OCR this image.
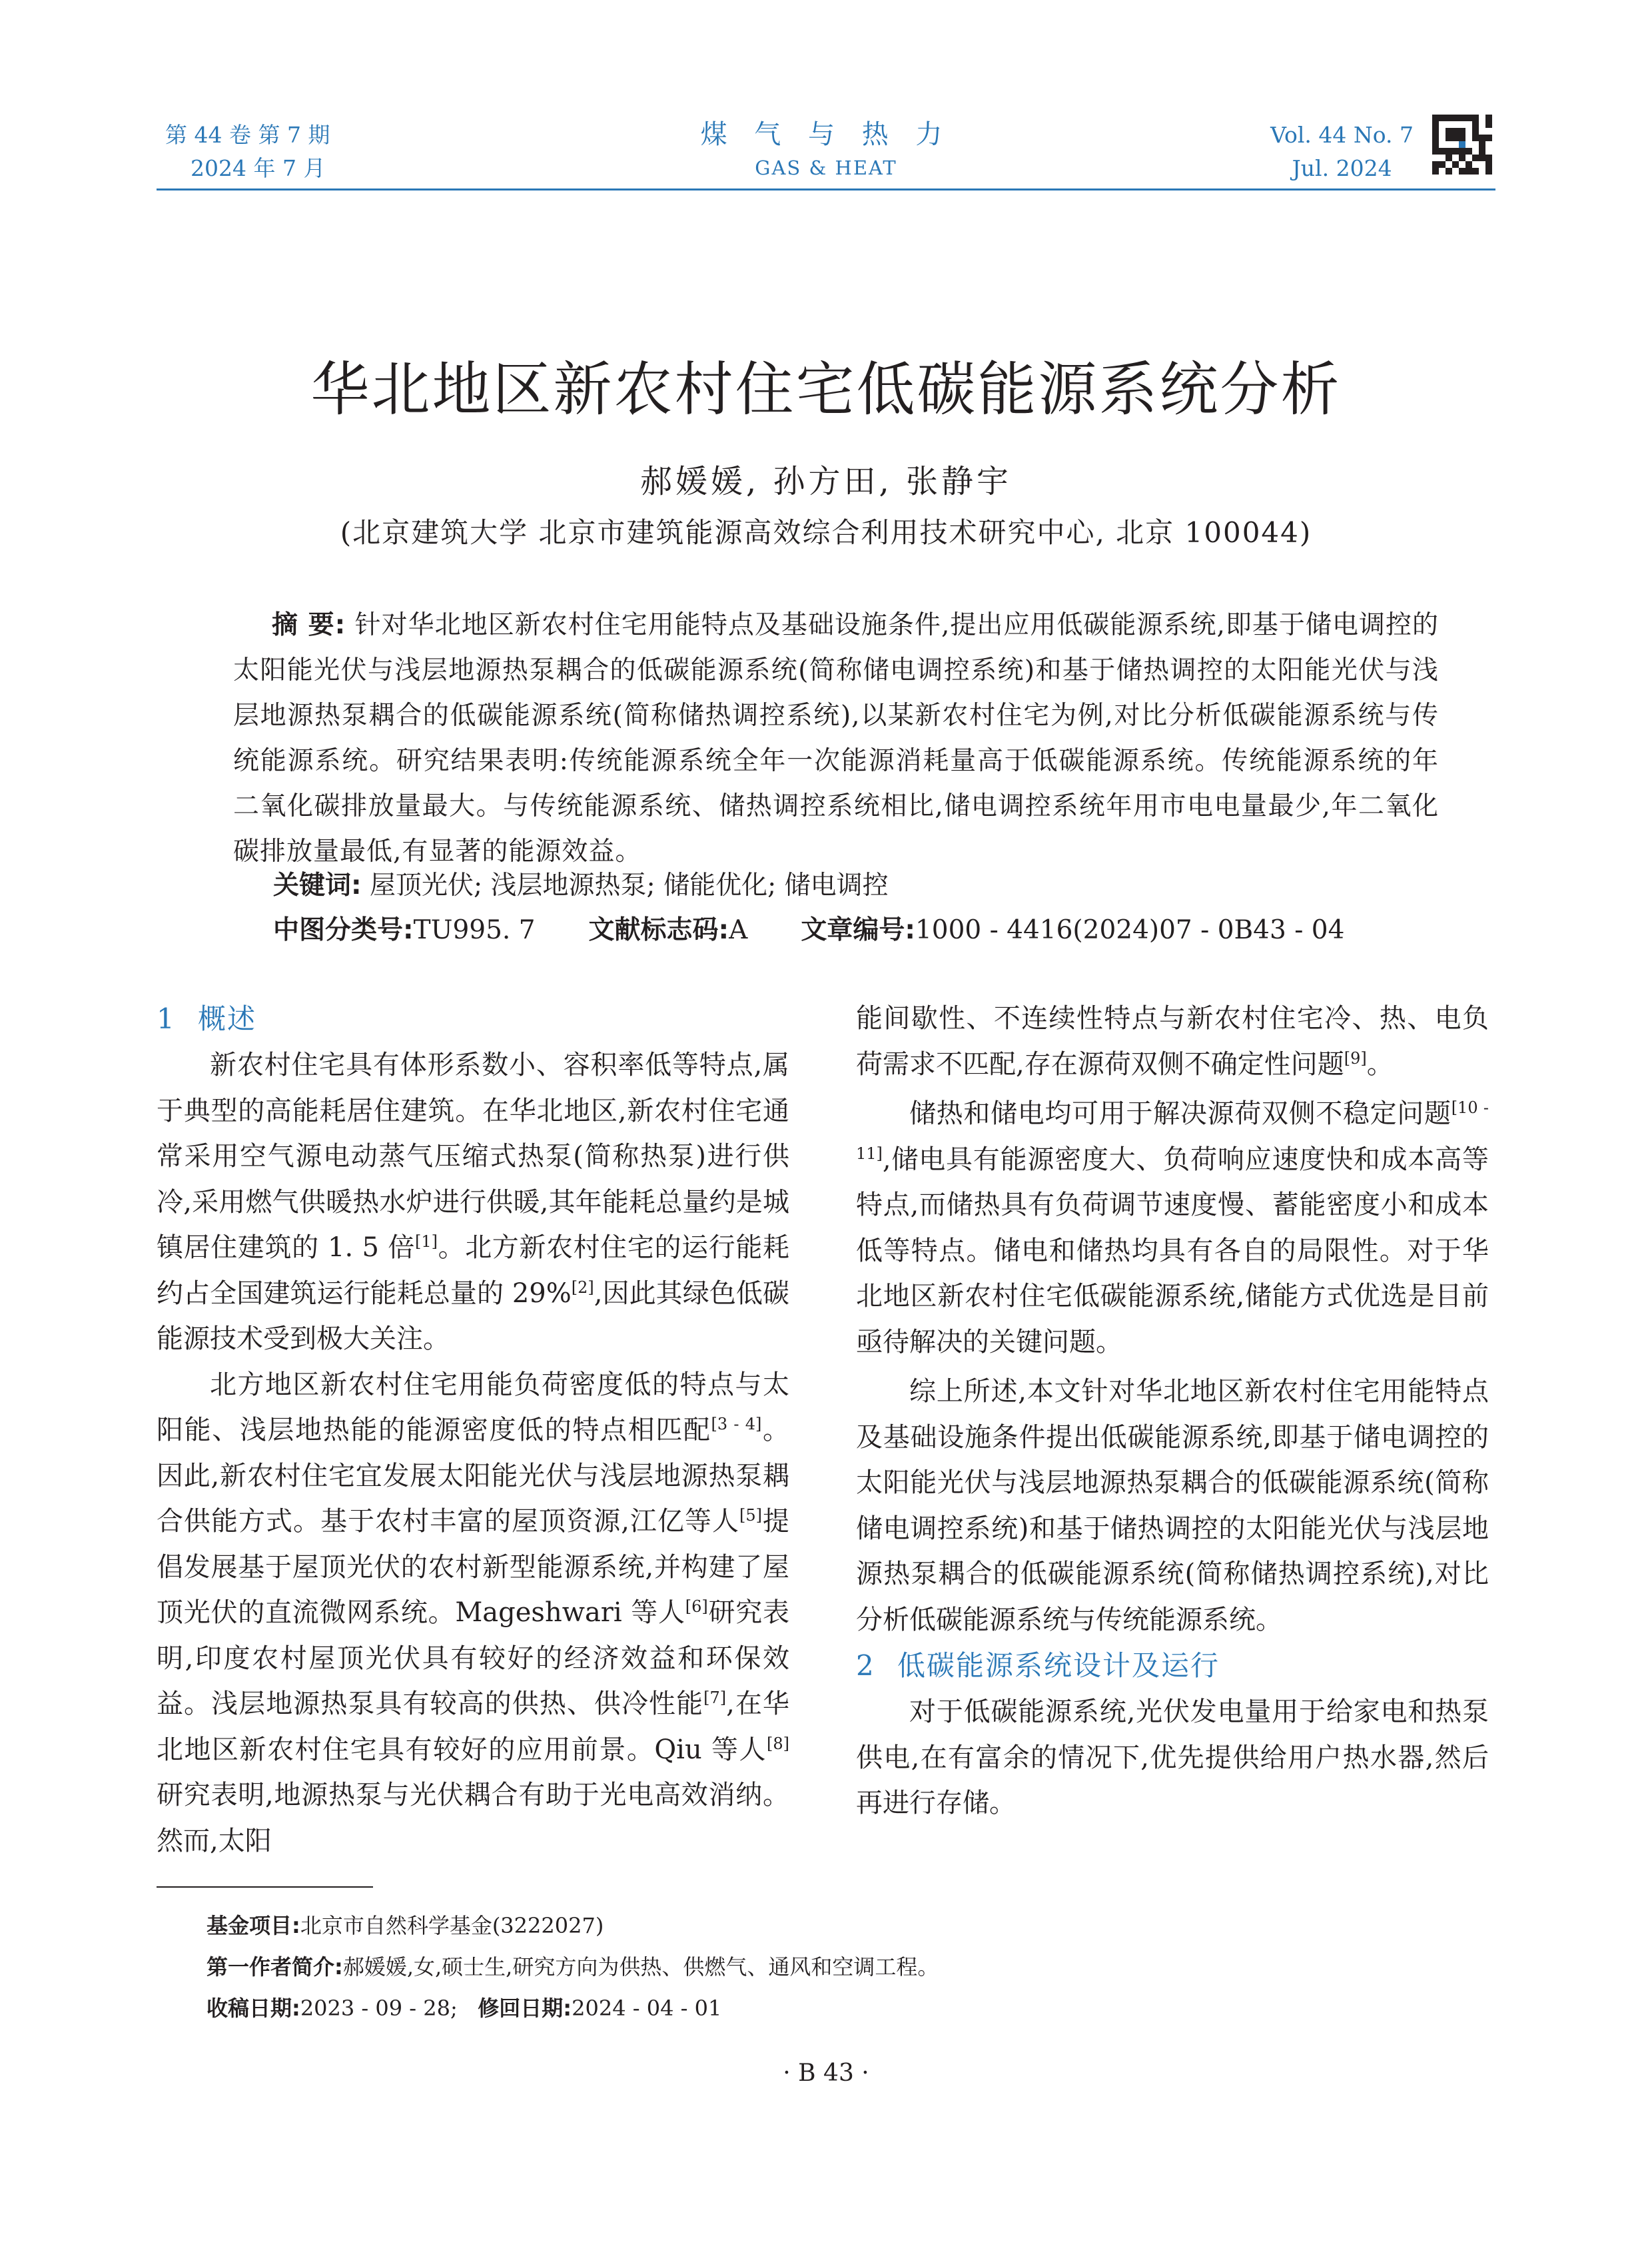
第 44 卷 第 7 期
2024 年 7 月
煤 气 与 热 力
GAS & HEAT
Vol. 44 No. 7
Jul. 2024
华北地区新农村住宅低碳能源系统分析
郝媛媛, 孙方田, 张静宇
(北京建筑大学 北京市建筑能源高效综合利用技术研究中心, 北京 100044)
摘 要: 针对华北地区新农村住宅用能特点及基础设施条件,提出应用低碳能源系统,即基于储电调控的太阳能光伏与浅层地源热泵耦合的低碳能源系统(简称储电调控系统)和基于储热调控的太阳能光伏与浅层地源热泵耦合的低碳能源系统(简称储热调控系统),以某新农村住宅为例,对比分析低碳能源系统与传统能源系统。研究结果表明:传统能源系统全年一次能源消耗量高于低碳能源系统。传统能源系统的年二氧化碳排放量最大。与传统能源系统、储热调控系统相比,储电调控系统年用市电电量最少,年二氧化碳排放量最低,有显著的能源效益。
关键词: 屋顶光伏; 浅层地源热泵; 储能优化; 储电调控
中图分类号:TU995. 7 文献标志码:A 文章编号:1000 - 4416(2024)07 - 0B43 - 04
1 概述

新农村住宅具有体形系数小、容积率低等特点,属于典型的高能耗居住建筑。在华北地区,新农村住宅通常采用空气源电动蒸气压缩式热泵(简称热泵)进行供冷,采用燃气供暖热水炉进行供暖,其年能耗总量约是城镇居住建筑的 1. 5 倍[1]。北方新农村住宅的运行能耗约占全国建筑运行能耗总量的 29%[2],因此其绿色低碳能源技术受到极大关注。

北方地区新农村住宅用能负荷密度低的特点与太阳能、浅层地热能的能源密度低的特点相匹配[3 - 4]。因此,新农村住宅宜发展太阳能光伏与浅层地源热泵耦合供能方式。基于农村丰富的屋顶资源,江亿等人[5]提倡发展基于屋顶光伏的农村新型能源系统,并构建了屋顶光伏的直流微网系统。Mageshwari 等人[6]研究表明,印度农村屋顶光伏具有较好的经济效益和环保效益。浅层地源热泵具有较高的供热、供冷性能[7],在华北地区新农村住宅具有较好的应用前景。Qiu 等人[8]研究表明,地源热泵与光伏耦合有助于光电高效消纳。然而,太阳

能间歇性、不连续性特点与新农村住宅冷、热、电负荷需求不匹配,存在源荷双侧不确定性问题[9]。

储热和储电均可用于解决源荷双侧不稳定问题[10 - 11],储电具有能源密度大、负荷响应速度快和成本高等特点,而储热具有负荷调节速度慢、蓄能密度小和成本低等特点。储电和储热均具有各自的局限性。对于华北地区新农村住宅低碳能源系统,储能方式优选是目前亟待解决的关键问题。

综上所述,本文针对华北地区新农村住宅用能特点及基础设施条件提出低碳能源系统,即基于储电调控的太阳能光伏与浅层地源热泵耦合的低碳能源系统(简称储电调控系统)和基于储热调控的太阳能光伏与浅层地源热泵耦合的低碳能源系统(简称储热调控系统),对比分析低碳能源系统与传统能源系统。

2 低碳能源系统设计及运行

对于低碳能源系统,光伏发电量用于给家电和热泵供电,在有富余的情况下,优先提供给用户热水器,然后再进行存储。

基金项目:北京市自然科学基金(3222027)
第一作者简介:郝媛媛,女,硕士生,研究方向为供热、供燃气、通风和空调工程。
收稿日期:2023 - 09 - 28; 修回日期:2024 - 04 - 01
· B 43 ·
